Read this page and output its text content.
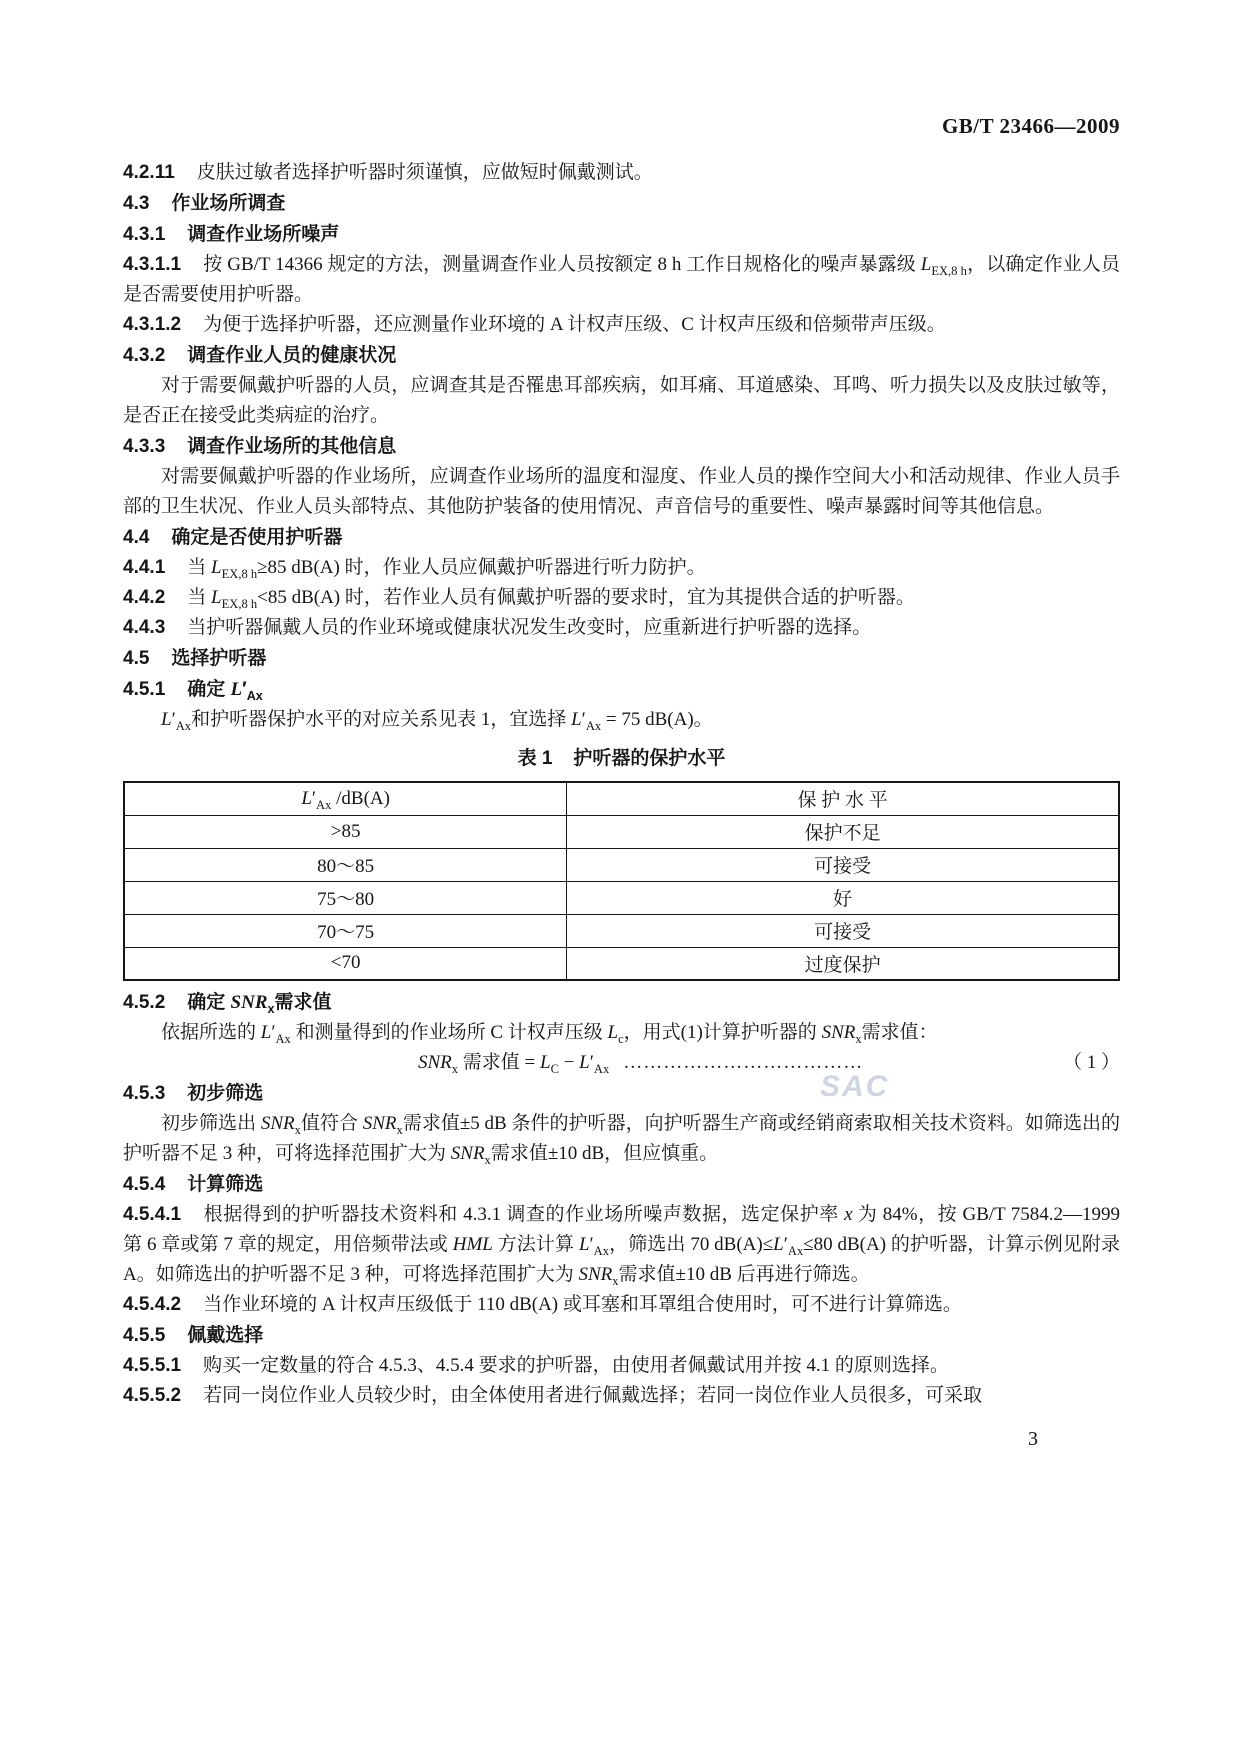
GB/T 23466—2009
4.2.11 皮肤过敏者选择护听器时须谨慎，应做短时佩戴测试。
4.3 作业场所调查
4.3.1 调查作业场所噪声
4.3.1.1 按 GB/T 14366 规定的方法，测量调查作业人员按额定 8 h 工作日规格化的噪声暴露级 $L_{EX,8 h}$，以确定作业人员是否需要使用护听器。
4.3.1.2 为便于选择护听器，还应测量作业环境的 A 计权声压级、C 计权声压级和倍频带声压级。
4.3.2 调查作业人员的健康状况
对于需要佩戴护听器的人员，应调查其是否罹患耳部疾病，如耳痛、耳道感染、耳鸣、听力损失以及皮肤过敏等，是否正在接受此类病症的治疗。
4.3.3 调查作业场所的其他信息
对需要佩戴护听器的作业场所，应调查作业场所的温度和湿度、作业人员的操作空间大小和活动规律、作业人员手部的卫生状况、作业人员头部特点、其他防护装备的使用情况、声音信号的重要性、噪声暴露时间等其他信息。
4.4 确定是否使用护听器
4.4.1 当 $L_{EX,8 h}\ge 85$ dB(A) 时，作业人员应佩戴护听器进行听力防护。
4.4.2 当 $L_{EX,8 h}<85$ dB(A) 时，若作业人员有佩戴护听器的要求时，宜为其提供合适的护听器。
4.4.3 当护听器佩戴人员的作业环境或健康状况发生改变时，应重新进行护听器的选择。
4.5 选择护听器
4.5.1 确定 $L'_{Ax}$
$L'_{Ax}$和护听器保护水平的对应关系见表 1，宜选择 $L'_{Ax} = 75$ dB(A)。
表 1 护听器的保护水平
$L'_{Ax}$ /dB(A)	保 护 水 平
>85	保护不足
80～85	可接受
75～80	好
70～75	可接受
<70	过度保护
4.5.2 确定 $SNR_x$需求值
依据所选的 $L'_{Ax}$ 和测量得到的作业场所 C 计权声压级 $L_c$，用式(1)计算护听器的 $SNR_x$需求值：
$SNR_x$ 需求值 = $L_C - L'_{Ax}$ ………………………………	（ 1 ）
4.5.3 初步筛选
初步筛选出 $SNR_x$值符合 $SNR_x$需求值±5 dB 条件的护听器，向护听器生产商或经销商索取相关技术资料。如筛选出的护听器不足 3 种，可将选择范围扩大为 $SNR_x$需求值±10 dB，但应慎重。
4.5.4 计算筛选
4.5.4.1 根据得到的护听器技术资料和 4.3.1 调查的作业场所噪声数据，选定保护率 x 为 84%，按 GB/T 7584.2—1999 第 6 章或第 7 章的规定，用倍频带法或 HML 方法计算 $L'_{Ax}$，筛选出 70 $dB(A)\le L'_{Ax}\le 80$ dB(A) 的护听器，计算示例见附录 A。如筛选出的护听器不足 3 种，可将选择范围扩大为 $SNR_x$需求值±10 dB 后再进行筛选。
4.5.4.2 当作业环境的 A 计权声压级低于 110 dB(A) 或耳塞和耳罩组合使用时，可不进行计算筛选。
4.5.5 佩戴选择
4.5.5.1 购买一定数量的符合 4.5.3、4.5.4 要求的护听器，由使用者佩戴试用并按 4.1 的原则选择。
4.5.5.2 若同一岗位作业人员较少时，由全体使用者进行佩戴选择；若同一岗位作业人员很多，可采取
SAC
3
